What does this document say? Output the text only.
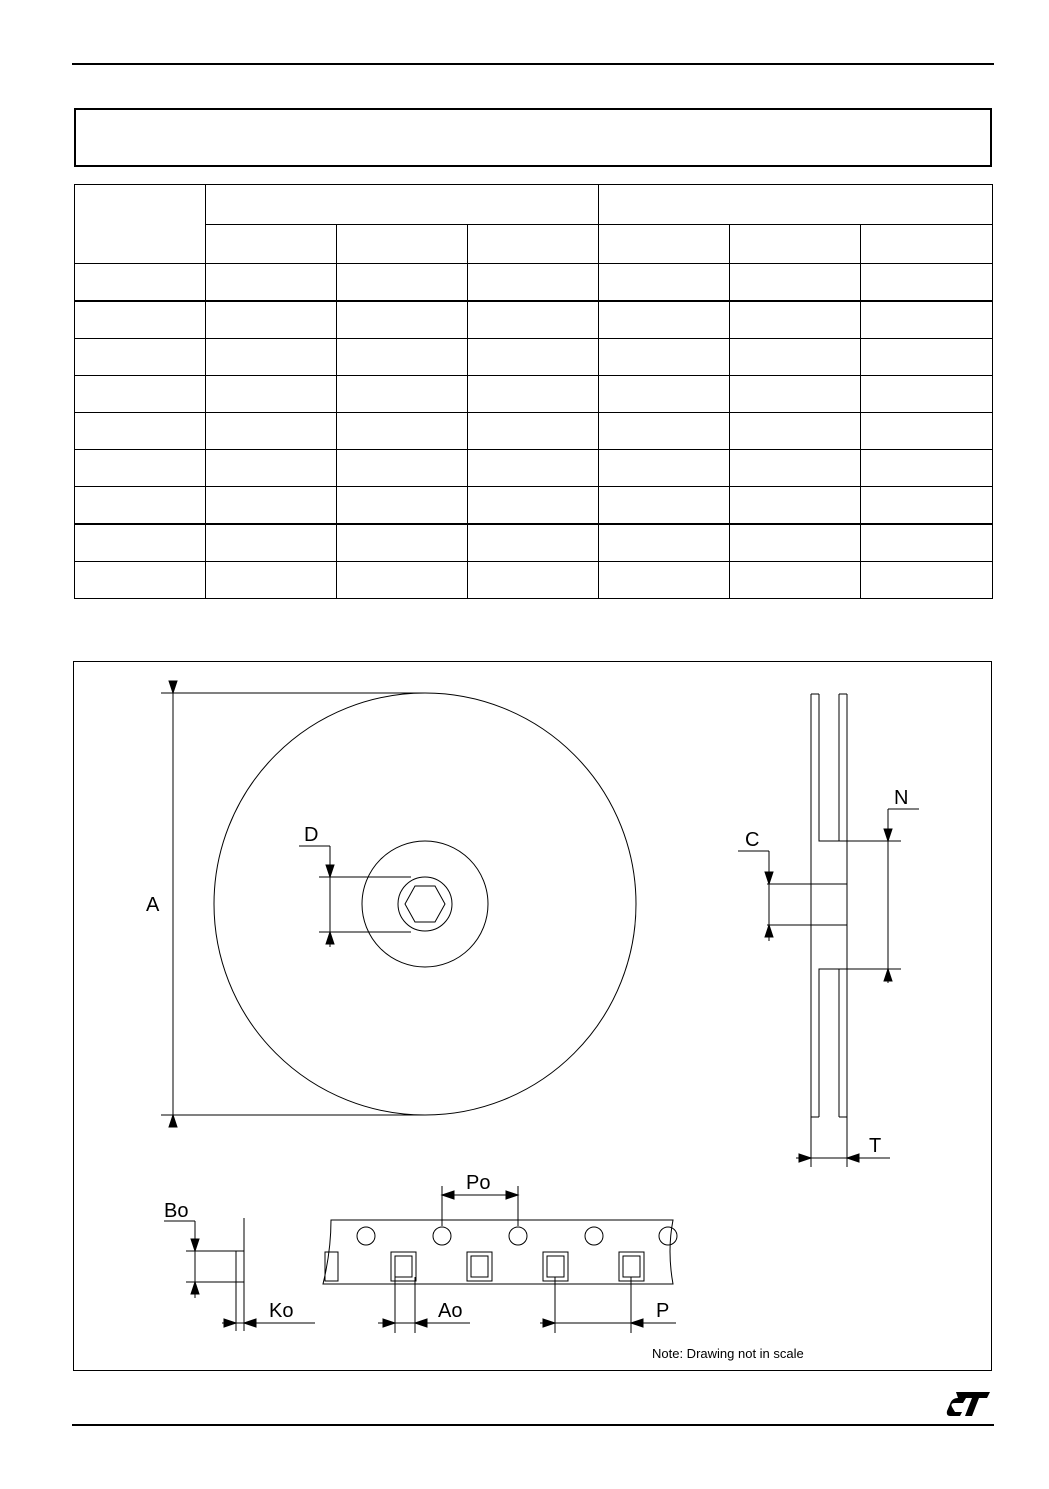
A
D	C
N
T
Bo
Ko
Po
Ao	P
Note: Drawing not in scale
